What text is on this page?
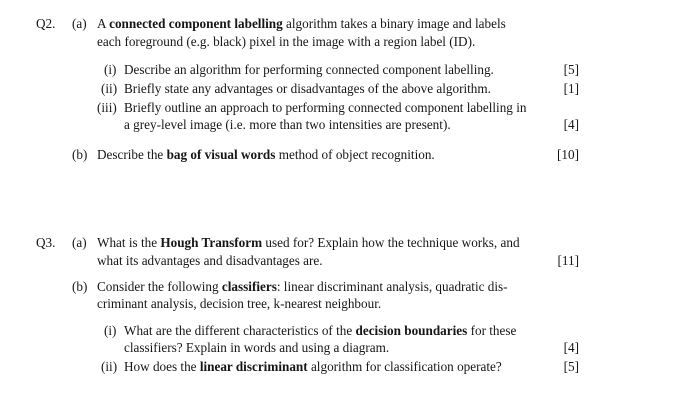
Q2. (a) A connected component labelling algorithm takes a binary image and labels
each foreground (e.g. black) pixel in the image with a region label (ID).
(i) Describe an algorithm for performing connected component labelling.	[5]
(ii) Briefly state any advantages or disadvantages of the above algorithm.	[1]
(iii) Briefly outline an approach to performing connected component labelling in
a grey-level image (i.e. more than two intensities are present).	[4]
(b) Describe the bag of visual words method of object recognition.	[10]
Q3. (a) What is the Hough Transform used for? Explain how the technique works, and
what its advantages and disadvantages are.	[11]
(b) Consider the following classifiers: linear discriminant analysis, quadratic dis-
criminant analysis, decision tree, k-nearest neighbour.
(i) What are the different characteristics of the decision boundaries for these
classifiers? Explain in words and using a diagram.	[4]
(ii) How does the linear discriminant algorithm for classification operate?	[5]
